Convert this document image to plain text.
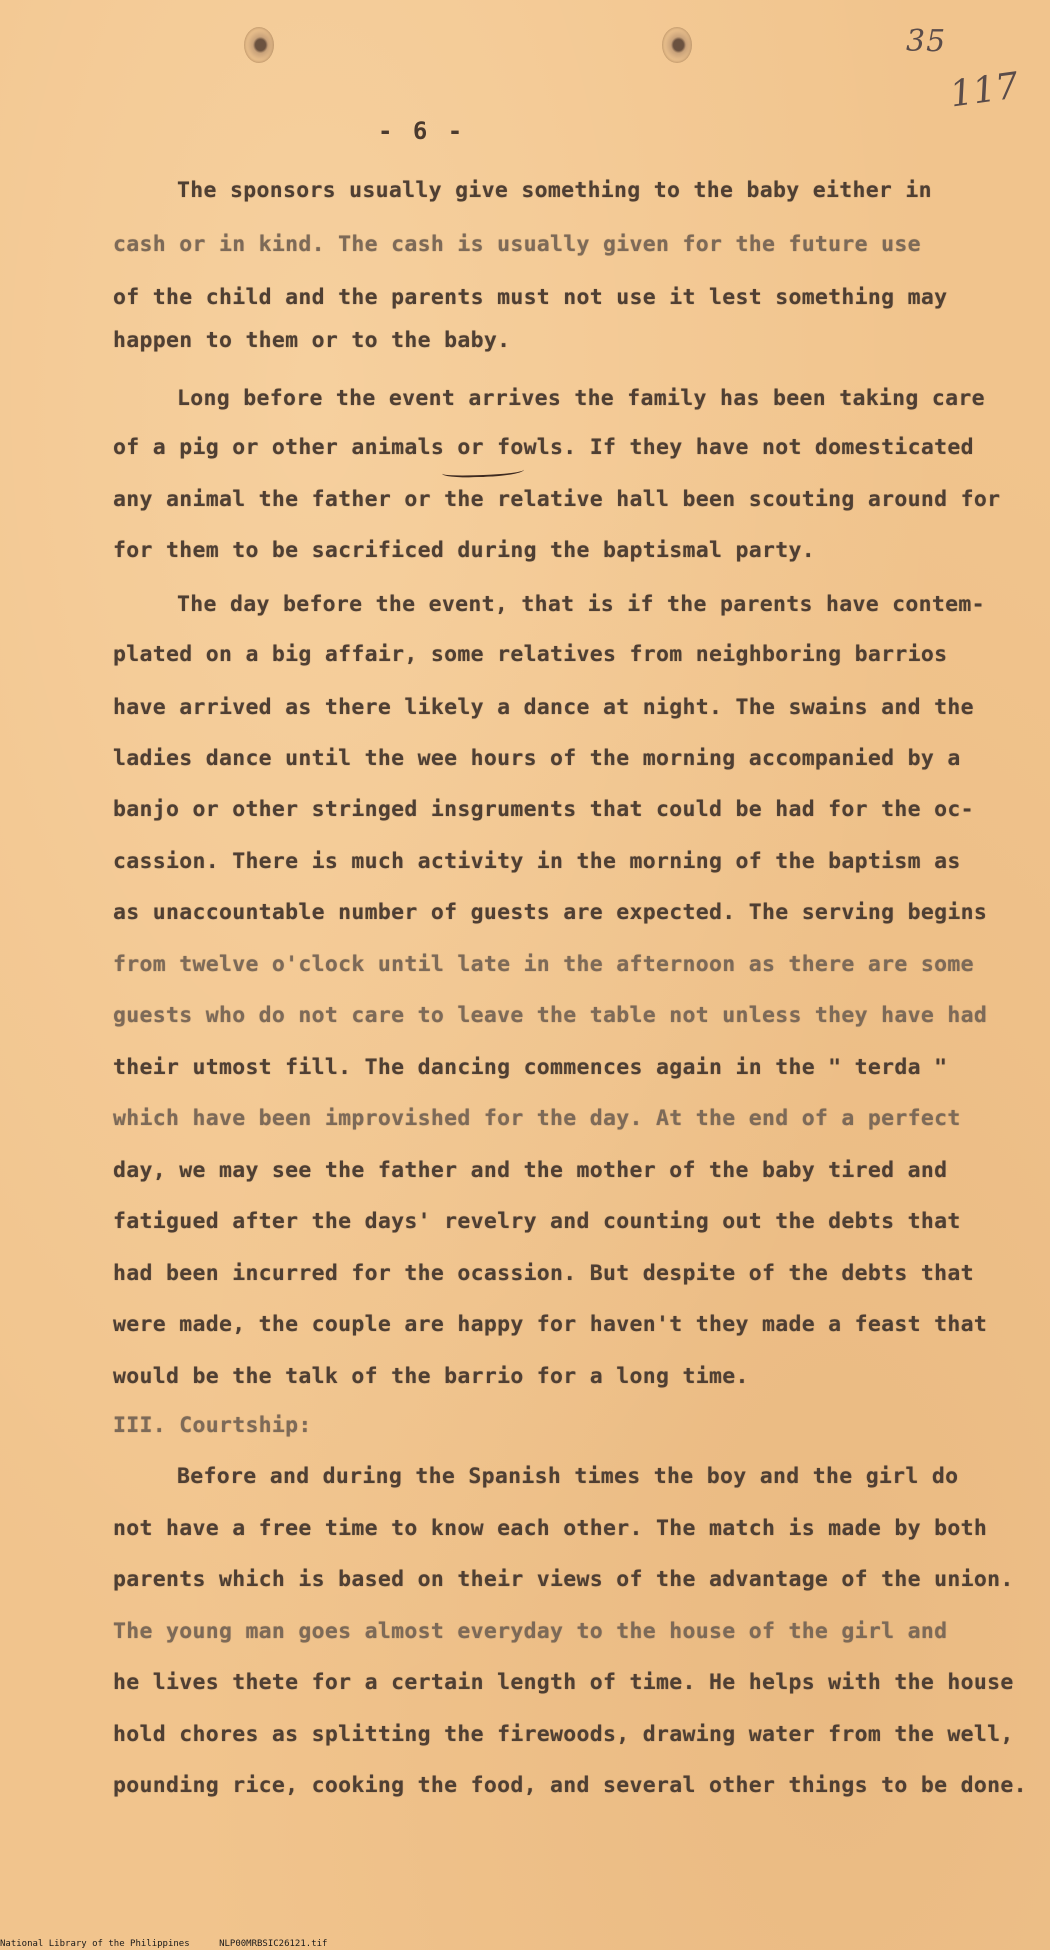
35
117
- 6 -
The sponsors usually give something to the baby either in
cash or in kind. The cash is usually given for the future use
of the child and the parents must not use it lest something may
happen to them or to the baby.
Long before the event arrives the family has been taking care
of a pig or other animals or fowls. If they have not domesticated
any animal the father or the relative hall been scouting around for
for them to be sacrificed during the baptismal party.
The day before the event, that is if the parents have contem-
plated on a big affair, some relatives from neighboring barrios
have arrived as there likely a dance at night. The swains and the
ladies dance until the wee hours of the morning accompanied by a
banjo or other stringed insgruments that could be had for the oc-
cassion. There is much activity in the morning of the baptism as
as unaccountable number of guests are expected. The serving begins
from twelve o'clock until late in the afternoon as there are some
guests who do not care to leave the table not unless they have had
their utmost fill. The dancing commences again in the " terda "
which have been improvished for the day. At the end of a perfect
day, we may see the father and the mother of the baby tired and
fatigued after the days' revelry and counting out the debts that
had been incurred for the ocassion. But despite of the debts that
were made, the couple are happy for haven't they made a feast that
would be the talk of the barrio for a long time.
III. Courtship:
Before and during the Spanish times the boy and the girl do
not have a free time to know each other. The match is made by both
parents which is based on their views of the advantage of the union.
The young man goes almost everyday to the house of the girl and
he lives thete for a certain length of time. He helps with the house
hold chores as splitting the firewoods, drawing water from the well,
pounding rice, cooking the food, and several other things to be done.
National Library of the Philippines	NLP00MRBSIC26121.tif
